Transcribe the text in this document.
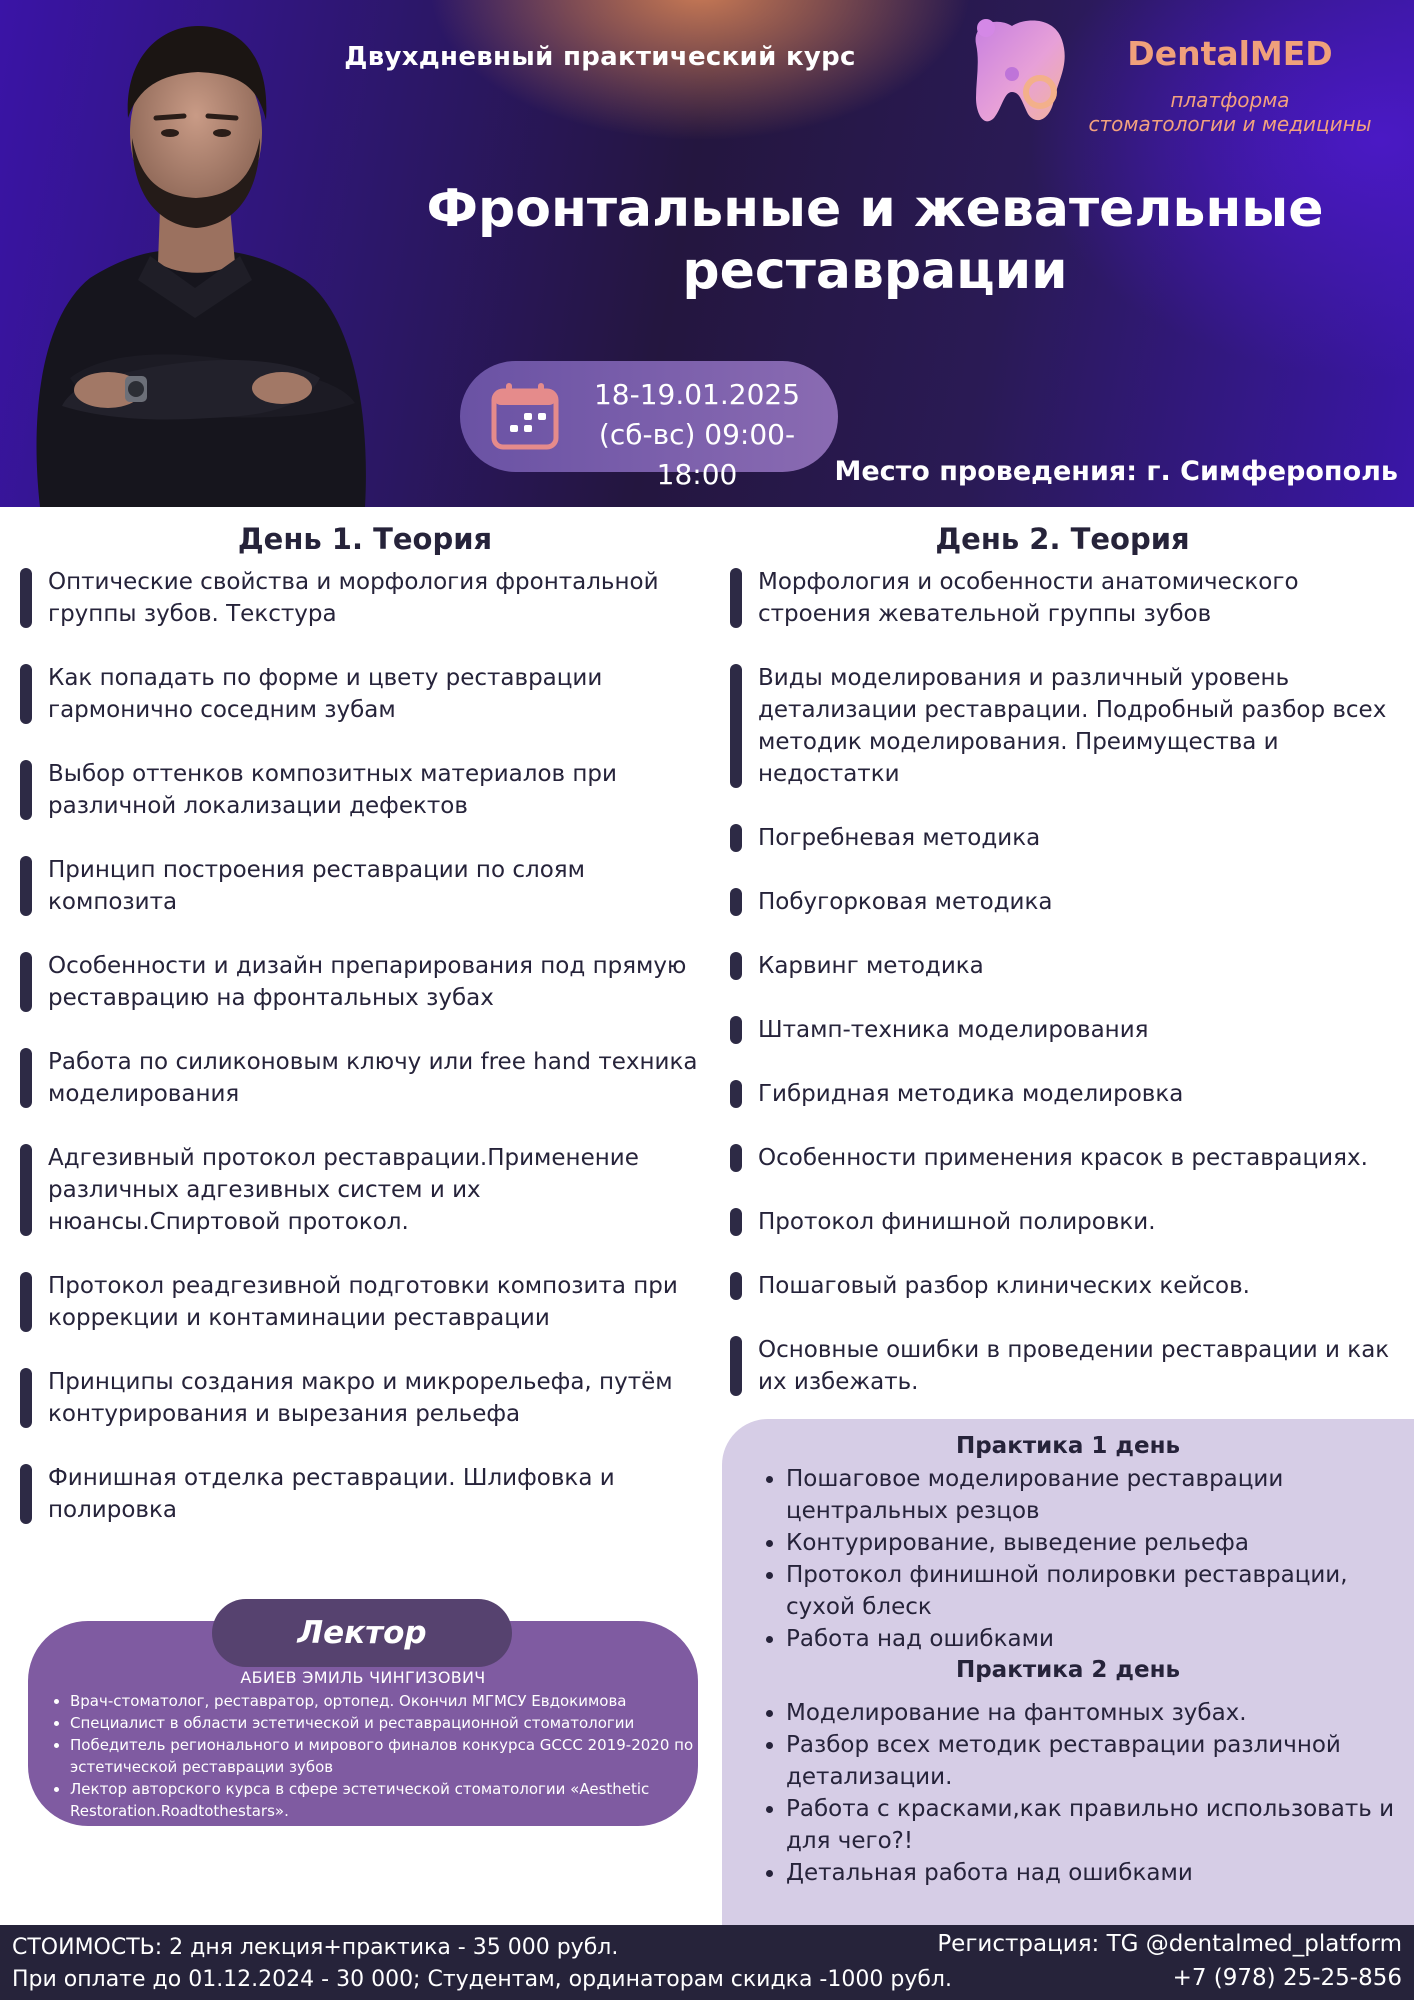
Двухдневный практический курс	DentalMED
платформа
стоматологии и медицины
Фронтальные и жевательные
реставрации
18-19.01.2025
(сб-вс) 09:00-18:00	Место проведения: г. Симферополь
День 1. Теория
Оптические свойства и морфология фронтальной группы зубов. Текстура
Как попадать по форме и цвету реставрации гармонично соседним зубам
Выбор оттенков композитных материалов при различной локализации дефектов
Принцип построения реставрации по слоям композита
Особенности и дизайн препарирования под прямую реставрацию на фронтальных зубах
Работа по силиконовым ключу или free hand техника моделирования
Адгезивный протокол реставрации.Применение различных адгезивных систем и их нюансы.Спиртовой протокол.
Протокол реадгезивной подготовки композита при коррекции и контаминации реставрации
Принципы создания макро и микрорельефа, путём контурирования и вырезания рельефа
Финишная отделка реставрации. Шлифовка и полировка
День 2. Теория
Морфология и особенности анатомического строения жевательной группы зубов
Виды моделирования и различный уровень детализации реставрации. Подробный разбор всех методик моделирования. Преимущества и недостатки
Погребневая методика
Побугорковая методика
Карвинг методика
Штамп-техника моделирования
Гибридная методика моделировка
Особенности применения красок в реставрациях.
Протокол финишной полировки.
Пошаговый разбор клинических кейсов.
Основные ошибки в проведении реставрации и как их избежать.
Практика 1 день
• Пошаговое моделирование реставрации центральных резцов
• Контурирование, выведение рельефа
• Протокол финишной полировки реставрации, сухой блеск
• Работа над ошибками
Практика 2 день
• Моделирование на фантомных зубах.
• Разбор всех методик реставрации различной детализации.
• Работа с красками,как правильно использовать и для чего?!
• Детальная работа над ошибками
Лектор
АБИЕВ ЭМИЛЬ ЧИНГИЗОВИЧ
• Врач-стоматолог, реставратор, ортопед. Окончил МГМСУ Евдокимова
• Специалист в области эстетической и реставрационной стоматологии
• Победитель регионального и мирового финалов конкурса GCCC 2019-2020 по эстетической реставрации зубов
• Лектор авторского курса в сфере эстетической стоматологии «Aesthetic Restoration.Roadtothestars».
СТОИМОСТЬ: 2 дня лекция+практика - 35 000 рубл.
При оплате до 01.12.2024 - 30 000; Студентам, ординаторам скидка -1000 рубл.
Регистрация: TG @dentalmed_platform
+7 (978) 25-25-856
